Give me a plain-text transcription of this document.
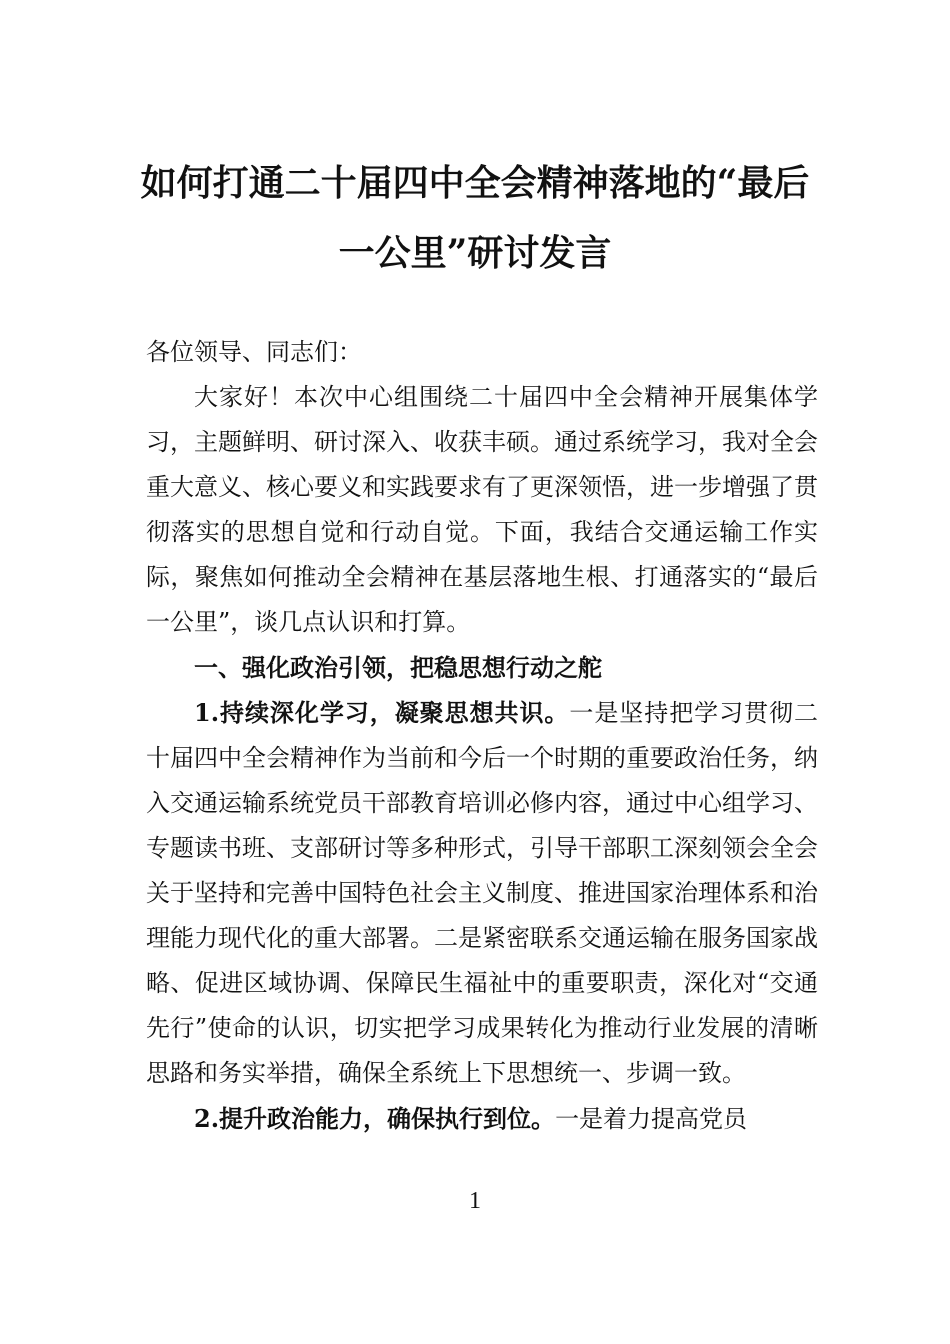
如何打通二十届四中全会精神落地的“最后一公里”研讨发言

各位领导、同志们：

大家好！本次中心组围绕二十届四中全会精神开展集体学习，主题鲜明、研讨深入、收获丰硕。通过系统学习，我对全会重大意义、核心要义和实践要求有了更深领悟，进一步增强了贯彻落实的思想自觉和行动自觉。下面，我结合交通运输工作实际，聚焦如何推动全会精神在基层落地生根、打通落实的“最后一公里”，谈几点认识和打算。

一、强化政治引领，把稳思想行动之舵

1.持续深化学习，凝聚思想共识。一是坚持把学习贯彻二十届四中全会精神作为当前和今后一个时期的重要政治任务，纳入交通运输系统党员干部教育培训必修内容，通过中心组学习、专题读书班、支部研讨等多种形式，引导干部职工深刻领会全会关于坚持和完善中国特色社会主义制度、推进国家治理体系和治理能力现代化的重大部署。二是紧密联系交通运输在服务国家战略、促进区域协调、保障民生福祉中的重要职责，深化对“交通先行”使命的认识，切实把学习成果转化为推动行业发展的清晰思路和务实举措，确保全系统上下思想统一、步调一致。

2.提升政治能力，确保执行到位。一是着力提高党员

1
